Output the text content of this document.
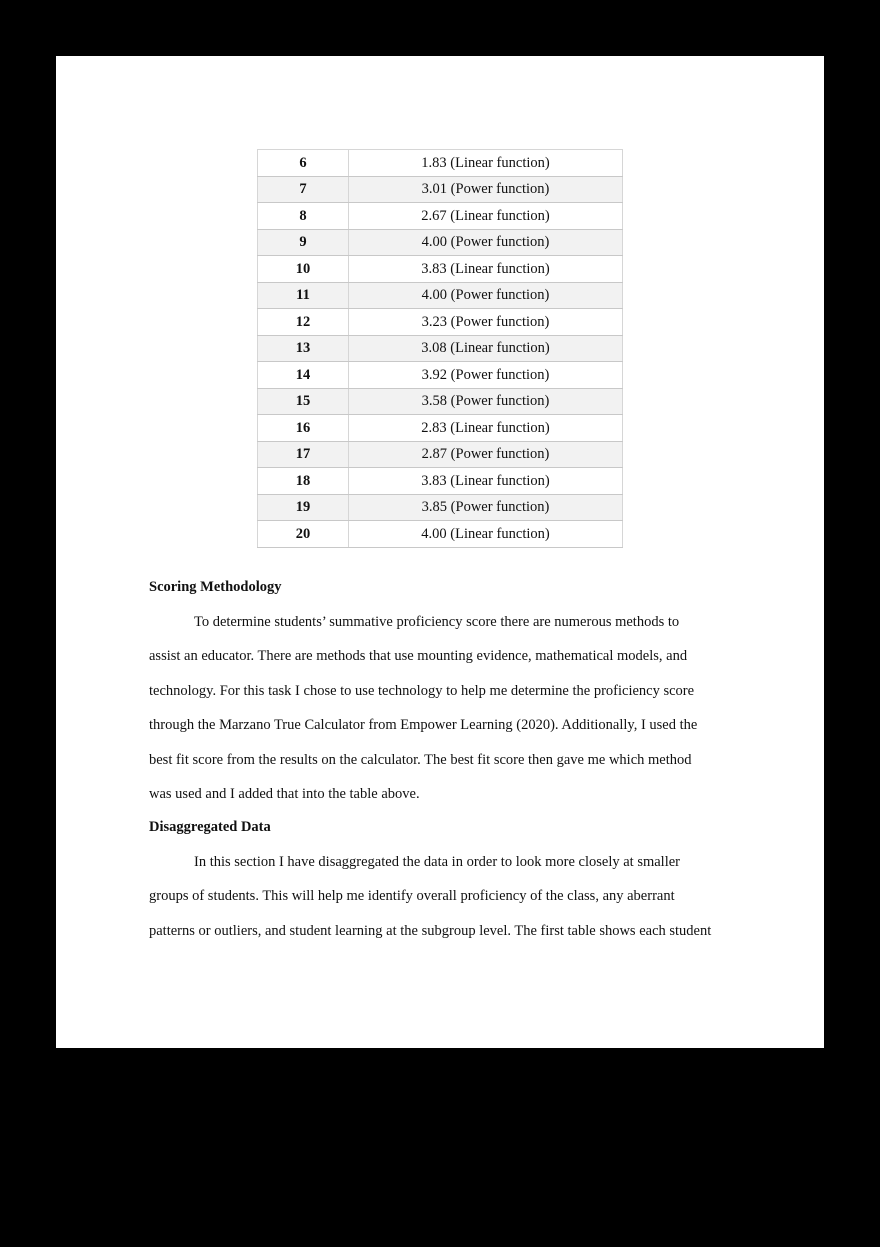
6	1.83 (Linear function)
7	3.01 (Power function)
8	2.67 (Linear function)
9	4.00 (Power function)
10	3.83 (Linear function)
11	4.00 (Power function)
12	3.23 (Power function)
13	3.08 (Linear function)
14	3.92 (Power function)
15	3.58 (Power function)
16	2.83 (Linear function)
17	2.87 (Power function)
18	3.83 (Linear function)
19	3.85 (Power function)
20	4.00 (Linear function)
Scoring Methodology

To determine students’ summative proficiency score there are numerous methods to
assist an educator. There are methods that use mounting evidence, mathematical models, and
technology. For this task I chose to use technology to help me determine the proficiency score
through the Marzano True Calculator from Empower Learning (2020). Additionally, I used the
best fit score from the results on the calculator. The best fit score then gave me which method
was used and I added that into the table above.

Disaggregated Data

In this section I have disaggregated the data in order to look more closely at smaller
groups of students. This will help me identify overall proficiency of the class, any aberrant
patterns or outliers, and student learning at the subgroup level. The first table shows each student
